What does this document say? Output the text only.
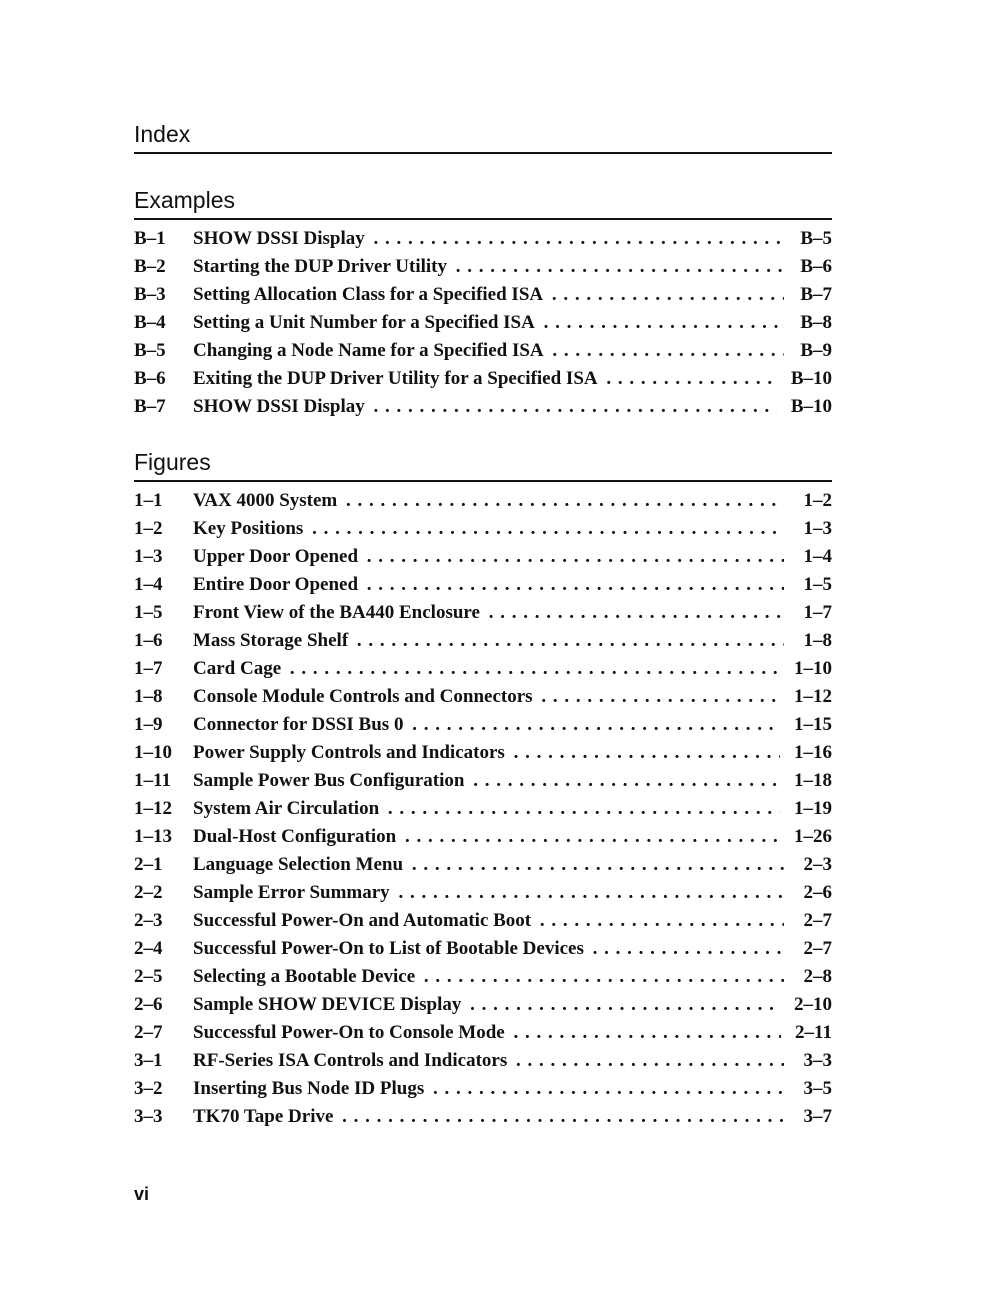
Index
Examples
B–1	SHOW DSSI Display . . .	B–5
B–2	Starting the DUP Driver Utility . . .	B–6
B–3	Setting Allocation Class for a Specified ISA . . .	B–7
B–4	Setting a Unit Number for a Specified ISA . . .	B–8
B–5	Changing a Node Name for a Specified ISA . . .	B–9
B–6	Exiting the DUP Driver Utility for a Specified ISA . . .	B–10
B–7	SHOW DSSI Display . . .	B–10
Figures
1–1	VAX 4000 System . . .	1–2
1–2	Key Positions . . .	1–3
1–3	Upper Door Opened . . .	1–4
1–4	Entire Door Opened . . .	1–5
1–5	Front View of the BA440 Enclosure . . .	1–7
1–6	Mass Storage Shelf . . .	1–8
1–7	Card Cage . . .	1–10
1–8	Console Module Controls and Connectors . . .	1–12
1–9	Connector for DSSI Bus 0 . . .	1–15
1–10	Power Supply Controls and Indicators . . .	1–16
1–11	Sample Power Bus Configuration . . .	1–18
1–12	System Air Circulation . . .	1–19
1–13	Dual-Host Configuration . . .	1–26
2–1	Language Selection Menu . . .	2–3
2–2	Sample Error Summary . . .	2–6
2–3	Successful Power-On and Automatic Boot . . .	2–7
2–4	Successful Power-On to List of Bootable Devices . . .	2–7
2–5	Selecting a Bootable Device . . .	2–8
2–6	Sample SHOW DEVICE Display . . .	2–10
2–7	Successful Power-On to Console Mode . . .	2–11
3–1	RF-Series ISA Controls and Indicators . . .	3–3
3–2	Inserting Bus Node ID Plugs . . .	3–5
3–3	TK70 Tape Drive . . .	3–7

vi
